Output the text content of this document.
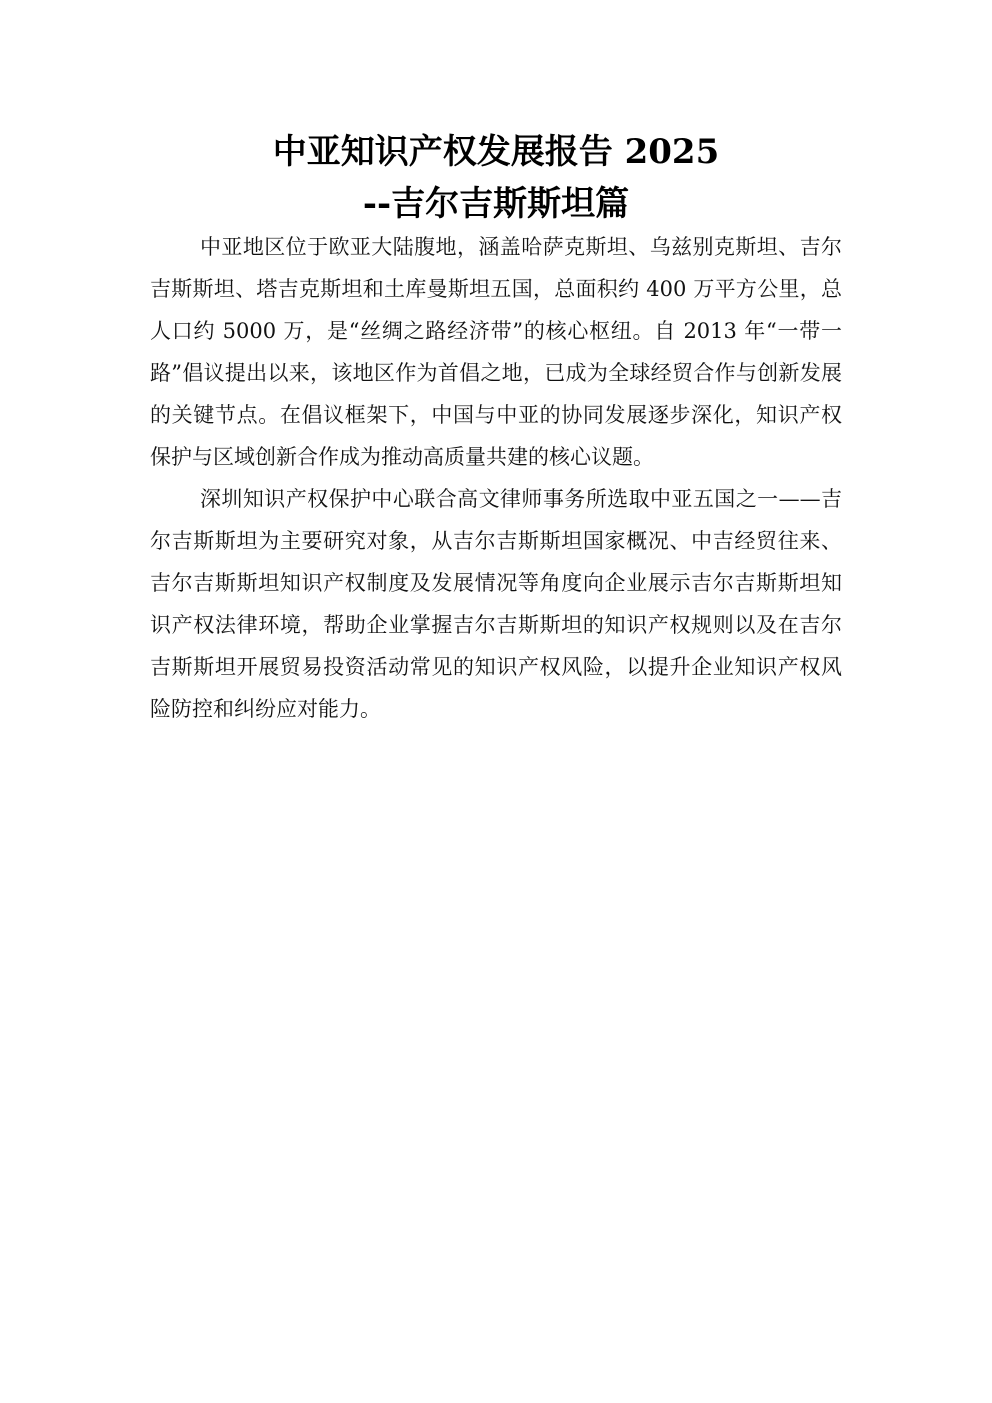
中亚知识产权发展报告 2025
--吉尔吉斯斯坦篇

中亚地区位于欧亚大陆腹地，涵盖哈萨克斯坦、乌兹别克斯坦、吉尔吉斯斯坦、塔吉克斯坦和土库曼斯坦五国，总面积约 400 万平方公里，总人口约 5000 万，是“丝绸之路经济带”的核心枢纽。自 2013 年“一带一路”倡议提出以来，该地区作为首倡之地，已成为全球经贸合作与创新发展的关键节点。在倡议框架下，中国与中亚的协同发展逐步深化，知识产权保护与区域创新合作成为推动高质量共建的核心议题。

深圳知识产权保护中心联合高文律师事务所选取中亚五国之一——吉尔吉斯斯坦为主要研究对象，从吉尔吉斯斯坦国家概况、中吉经贸往来、吉尔吉斯斯坦知识产权制度及发展情况等角度向企业展示吉尔吉斯斯坦知识产权法律环境，帮助企业掌握吉尔吉斯斯坦的知识产权规则以及在吉尔吉斯斯坦开展贸易投资活动常见的知识产权风险，以提升企业知识产权风险防控和纠纷应对能力。
